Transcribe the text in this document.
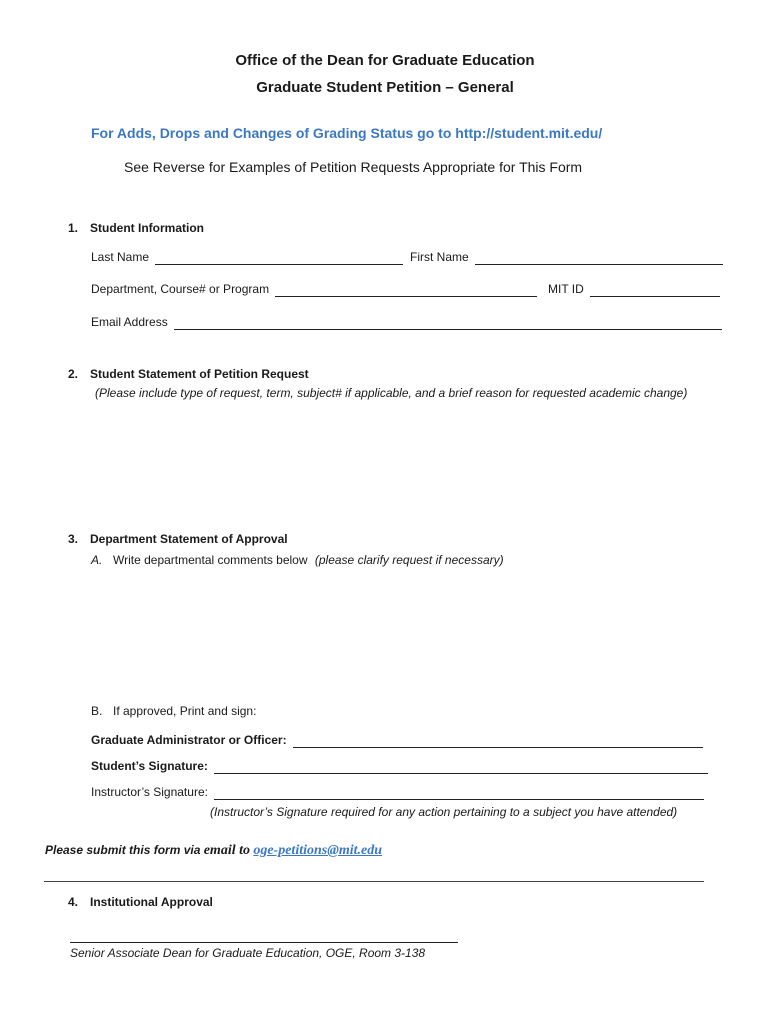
Office of the Dean for Graduate Education
Graduate Student Petition – General
For Adds, Drops and Changes of Grading Status go to http://student.mit.edu/
See Reverse for Examples of Petition Requests Appropriate for This Form
1. Student Information
Last Name	First Name
Department, Course# or Program	MIT ID
Email Address
2. Student Statement of Petition Request
(Please include type of request, term, subject# if applicable, and a brief reason for requested academic change)
3. Department Statement of Approval
A. Write departmental comments below (please clarify request if necessary)
B. If approved, Print and sign:
Graduate Administrator or Officer:
Student’s Signature:
Instructor’s Signature:
(Instructor’s Signature required for any action pertaining to a subject you have attended)
Please submit this form via email to oge-petitions@mit.edu
4. Institutional Approval
Senior Associate Dean for Graduate Education, OGE, Room 3-138
